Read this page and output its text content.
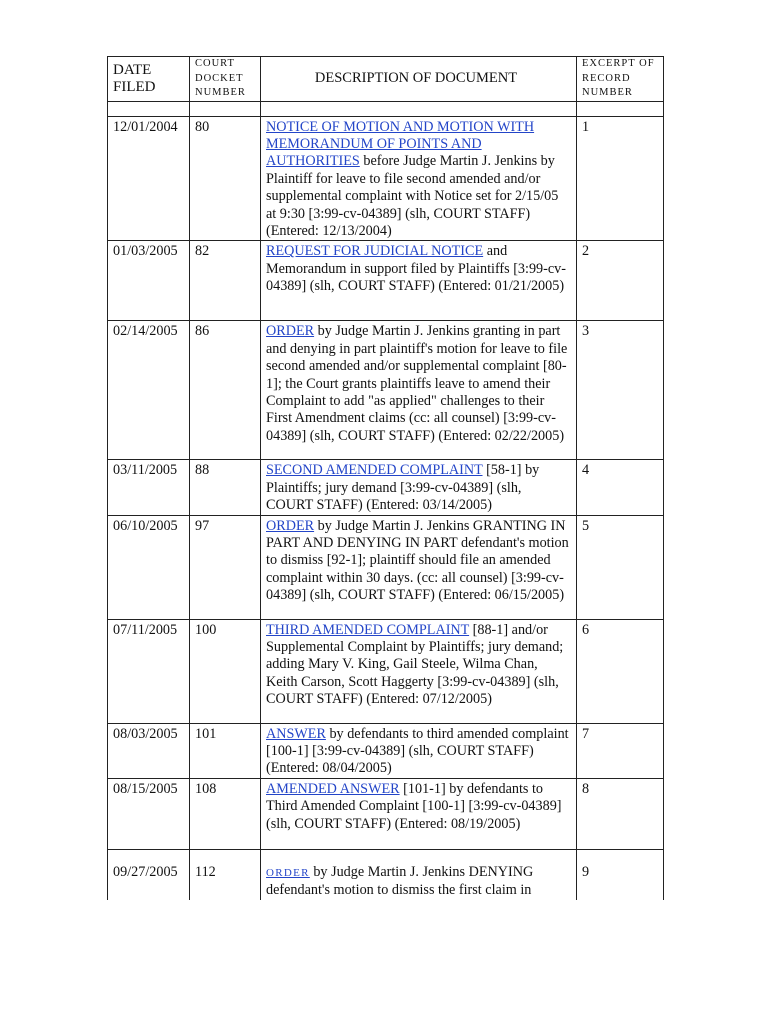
DATE FILED	COURT DOCKET NUMBER	DESCRIPTION OF DOCUMENT	EXCERPT OF RECORD NUMBER

12/01/2004	80	NOTICE OF MOTION AND MOTION WITH MEMORANDUM OF POINTS AND AUTHORITIES before Judge Martin J. Jenkins by Plaintiff for leave to file second amended and/or supplemental complaint with Notice set for 2/15/05 at 9:30 [3:99-cv-04389] (slh, COURT STAFF) (Entered: 12/13/2004)	1
01/03/2005	82	REQUEST FOR JUDICIAL NOTICE and Memorandum in support filed by Plaintiffs [3:99-cv-04389] (slh, COURT STAFF) (Entered: 01/21/2005)	2
02/14/2005	86	ORDER by Judge Martin J. Jenkins granting in part and denying in part plaintiff's motion for leave to file second amended and/or supplemental complaint [80-1]; the Court grants plaintiffs leave to amend their Complaint to add "as applied" challenges to their First Amendment claims (cc: all counsel) [3:99-cv-04389] (slh, COURT STAFF) (Entered: 02/22/2005)	3
03/11/2005	88	SECOND AMENDED COMPLAINT [58-1] by Plaintiffs; jury demand [3:99-cv-04389] (slh, COURT STAFF) (Entered: 03/14/2005)	4
06/10/2005	97	ORDER by Judge Martin J. Jenkins GRANTING IN PART AND DENYING IN PART defendant's motion to dismiss [92-1]; plaintiff should file an amended complaint within 30 days. (cc: all counsel) [3:99-cv-04389] (slh, COURT STAFF) (Entered: 06/15/2005)	5
07/11/2005	100	THIRD AMENDED COMPLAINT [88-1] and/or Supplemental Complaint by Plaintiffs; jury demand; adding Mary V. King, Gail Steele, Wilma Chan, Keith Carson, Scott Haggerty [3:99-cv-04389] (slh, COURT STAFF) (Entered: 07/12/2005)	6
08/03/2005	101	ANSWER by defendants to third amended complaint [100-1] [3:99-cv-04389] (slh, COURT STAFF) (Entered: 08/04/2005)	7
08/15/2005	108	AMENDED ANSWER [101-1] by defendants to Third Amended Complaint [100-1] [3:99-cv-04389] (slh, COURT STAFF) (Entered: 08/19/2005)	8
09/27/2005	112	ORDER by Judge Martin J. Jenkins DENYING defendant's motion to dismiss the first claim in	9
